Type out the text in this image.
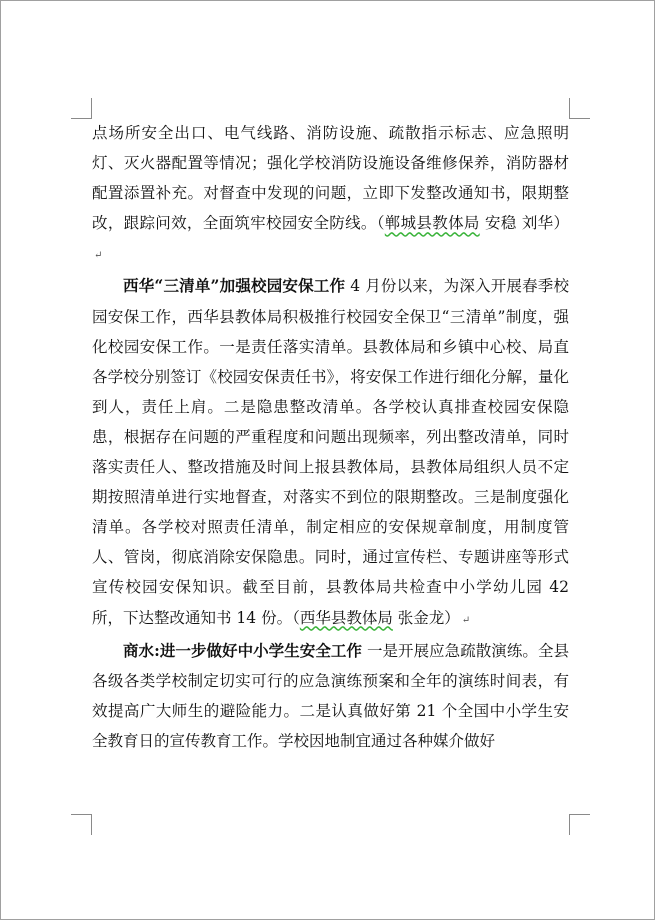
点场所安全出口、电气线路、消防设施、疏散指示标志、应急照明灯、灭火器配置等情况；强化学校消防设施设备维修保养，消防器材配置添置补充。对督查中发现的问题，立即下发整改通知书，限期整改，跟踪问效，全面筑牢校园安全防线。（郸城县教体局 安稳 刘华）↵

西华“三清单”加强校园安保工作 4 月份以来，为深入开展春季校园安保工作，西华县教体局积极推行校园安全保卫“三清单”制度，强化校园安保工作。一是责任落实清单。县教体局和乡镇中心校、局直各学校分别签订《校园安保责任书》，将安保工作进行细化分解，量化到人，责任上肩。二是隐患整改清单。各学校认真排查校园安保隐患，根据存在问题的严重程度和问题出现频率，列出整改清单，同时落实责任人、整改措施及时间上报县教体局，县教体局组织人员不定期按照清单进行实地督查，对落实不到位的限期整改。三是制度强化清单。各学校对照责任清单，制定相应的安保规章制度，用制度管人、管岗，彻底消除安保隐患。同时，通过宣传栏、专题讲座等形式宣传校园安保知识。截至目前，县教体局共检查中小学幼儿园 42 所，下达整改通知书 14 份。（西华县教体局 张金龙） ↵

商水:进一步做好中小学生安全工作 一是开展应急疏散演练。全县各级各类学校制定切实可行的应急演练预案和全年的演练时间表，有效提高广大师生的避险能力。二是认真做好第 21 个全国中小学生安全教育日的宣传教育工作。学校因地制宜通过各种媒介做好
